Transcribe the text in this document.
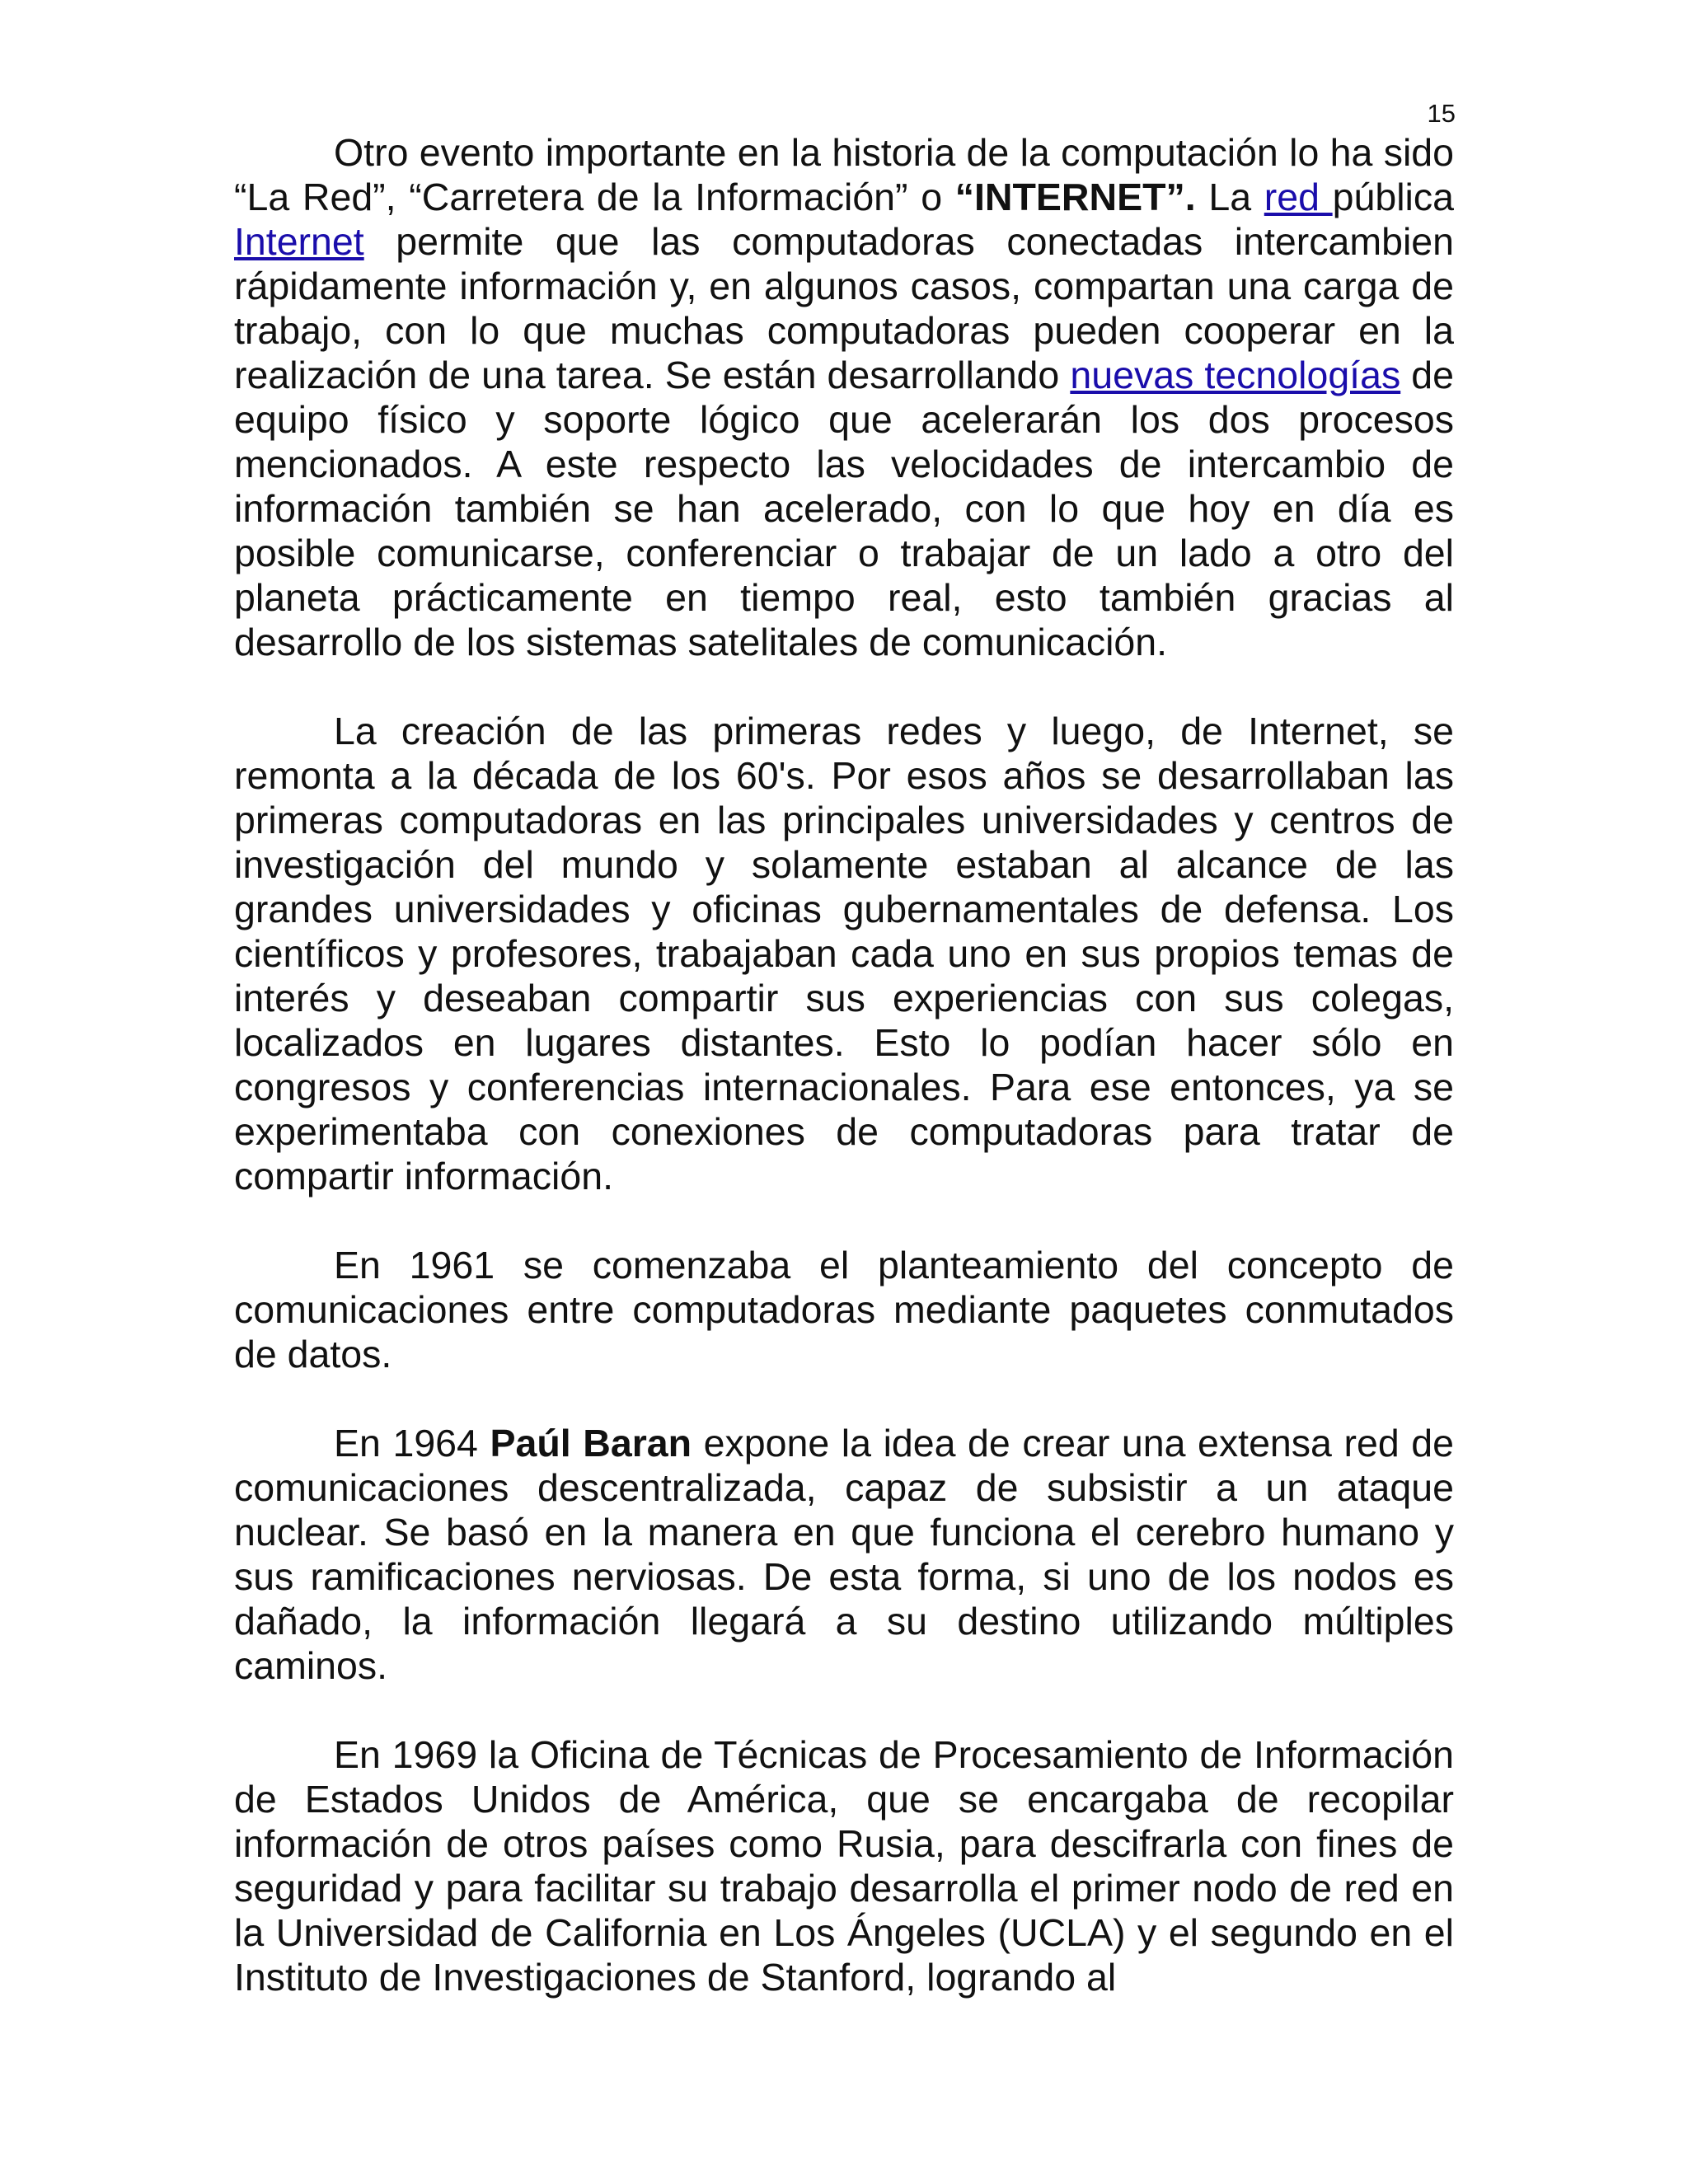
15

Otro evento importante en la historia de la computación lo ha sido “La Red”, “Carretera de la Información” o “INTERNET”. La red pública Internet permite que las computadoras conectadas intercambien rápidamente información y, en algunos casos, compartan una carga de trabajo, con lo que muchas computadoras pueden cooperar en la realización de una tarea. Se están desarrollando nuevas tecnologías de equipo físico y soporte lógico que acelerarán los dos procesos mencionados. A este respecto las velocidades de intercambio de información también se han acelerado, con lo que hoy en día es posible comunicarse, conferenciar o trabajar de un lado a otro del planeta prácticamente en tiempo real, esto también gracias al desarrollo de los sistemas satelitales de comunicación.

La creación de las primeras redes y luego, de Internet, se remonta a la década de los 60's. Por esos años se desarrollaban las primeras computadoras en las principales universidades y centros de investigación del mundo y solamente estaban al alcance de las grandes universidades y oficinas gubernamentales de defensa. Los científicos y profesores, trabajaban cada uno en sus propios temas de interés y deseaban compartir sus experiencias con sus colegas, localizados en lugares distantes. Esto lo podían hacer sólo en congresos y conferencias internacionales. Para ese entonces, ya se experimentaba con conexiones de computadoras para tratar de compartir información.

En 1961 se comenzaba el planteamiento del concepto de comunicaciones entre computadoras mediante paquetes conmutados de datos.

En 1964 Paúl Baran expone la idea de crear una extensa red de comunicaciones descentralizada, capaz de subsistir a un ataque nuclear. Se basó en la manera en que funciona el cerebro humano y sus ramificaciones nerviosas. De esta forma, si uno de los nodos es dañado, la información llegará a su destino utilizando múltiples caminos.

En 1969 la Oficina de Técnicas de Procesamiento de Información de Estados Unidos de América, que se encargaba de recopilar información de otros países como Rusia, para descifrarla con fines de seguridad y para facilitar su trabajo desarrolla el primer nodo de red en la Universidad de California en Los Ángeles (UCLA) y el segundo en el Instituto de Investigaciones de Stanford, logrando al
